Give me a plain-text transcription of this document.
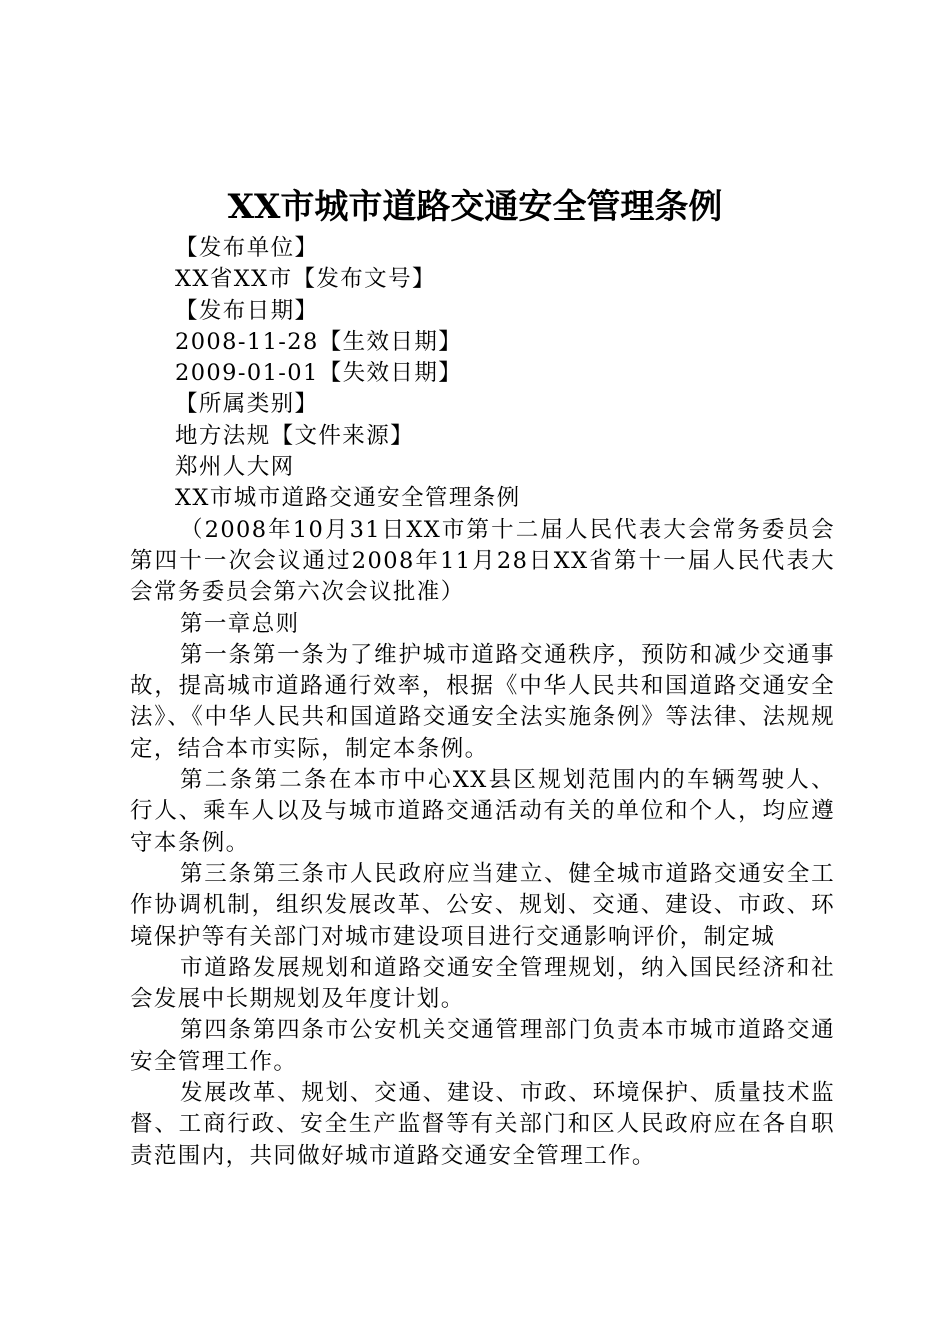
XX市城市道路交通安全管理条例

【发布单位】

XX省XX市【发布文号】

【发布日期】

2008-11-28【生效日期】

2009-01-01【失效日期】

【所属类别】

地方法规【文件来源】

郑州人大网

XX市城市道路交通安全管理条例

（2008年10月31日XX市第十二届人民代表大会常务委员会第四十一次会议通过2008年11月28日XX省第十一届人民代表大会常务委员会第六次会议批准）

第一章总则

第一条第一条为了维护城市道路交通秩序，预防和减少交通事故，提高城市道路通行效率，根据《中华人民共和国道路交通安全法》、《中华人民共和国道路交通安全法实施条例》等法律、法规规定，结合本市实际，制定本条例。

第二条第二条在本市中心XX县区规划范围内的车辆驾驶人、行人、乘车人以及与城市道路交通活动有关的单位和个人，均应遵守本条例。

第三条第三条市人民政府应当建立、健全城市道路交通安全工作协调机制，组织发展改革、公安、规划、交通、建设、市政、环境保护等有关部门对城市建设项目进行交通影响评价，制定城

市道路发展规划和道路交通安全管理规划，纳入国民经济和社会发展中长期规划及年度计划。

第四条第四条市公安机关交通管理部门负责本市城市道路交通安全管理工作。

发展改革、规划、交通、建设、市政、环境保护、质量技术监督、工商行政、安全生产监督等有关部门和区人民政府应在各自职责范围内，共同做好城市道路交通安全管理工作。
